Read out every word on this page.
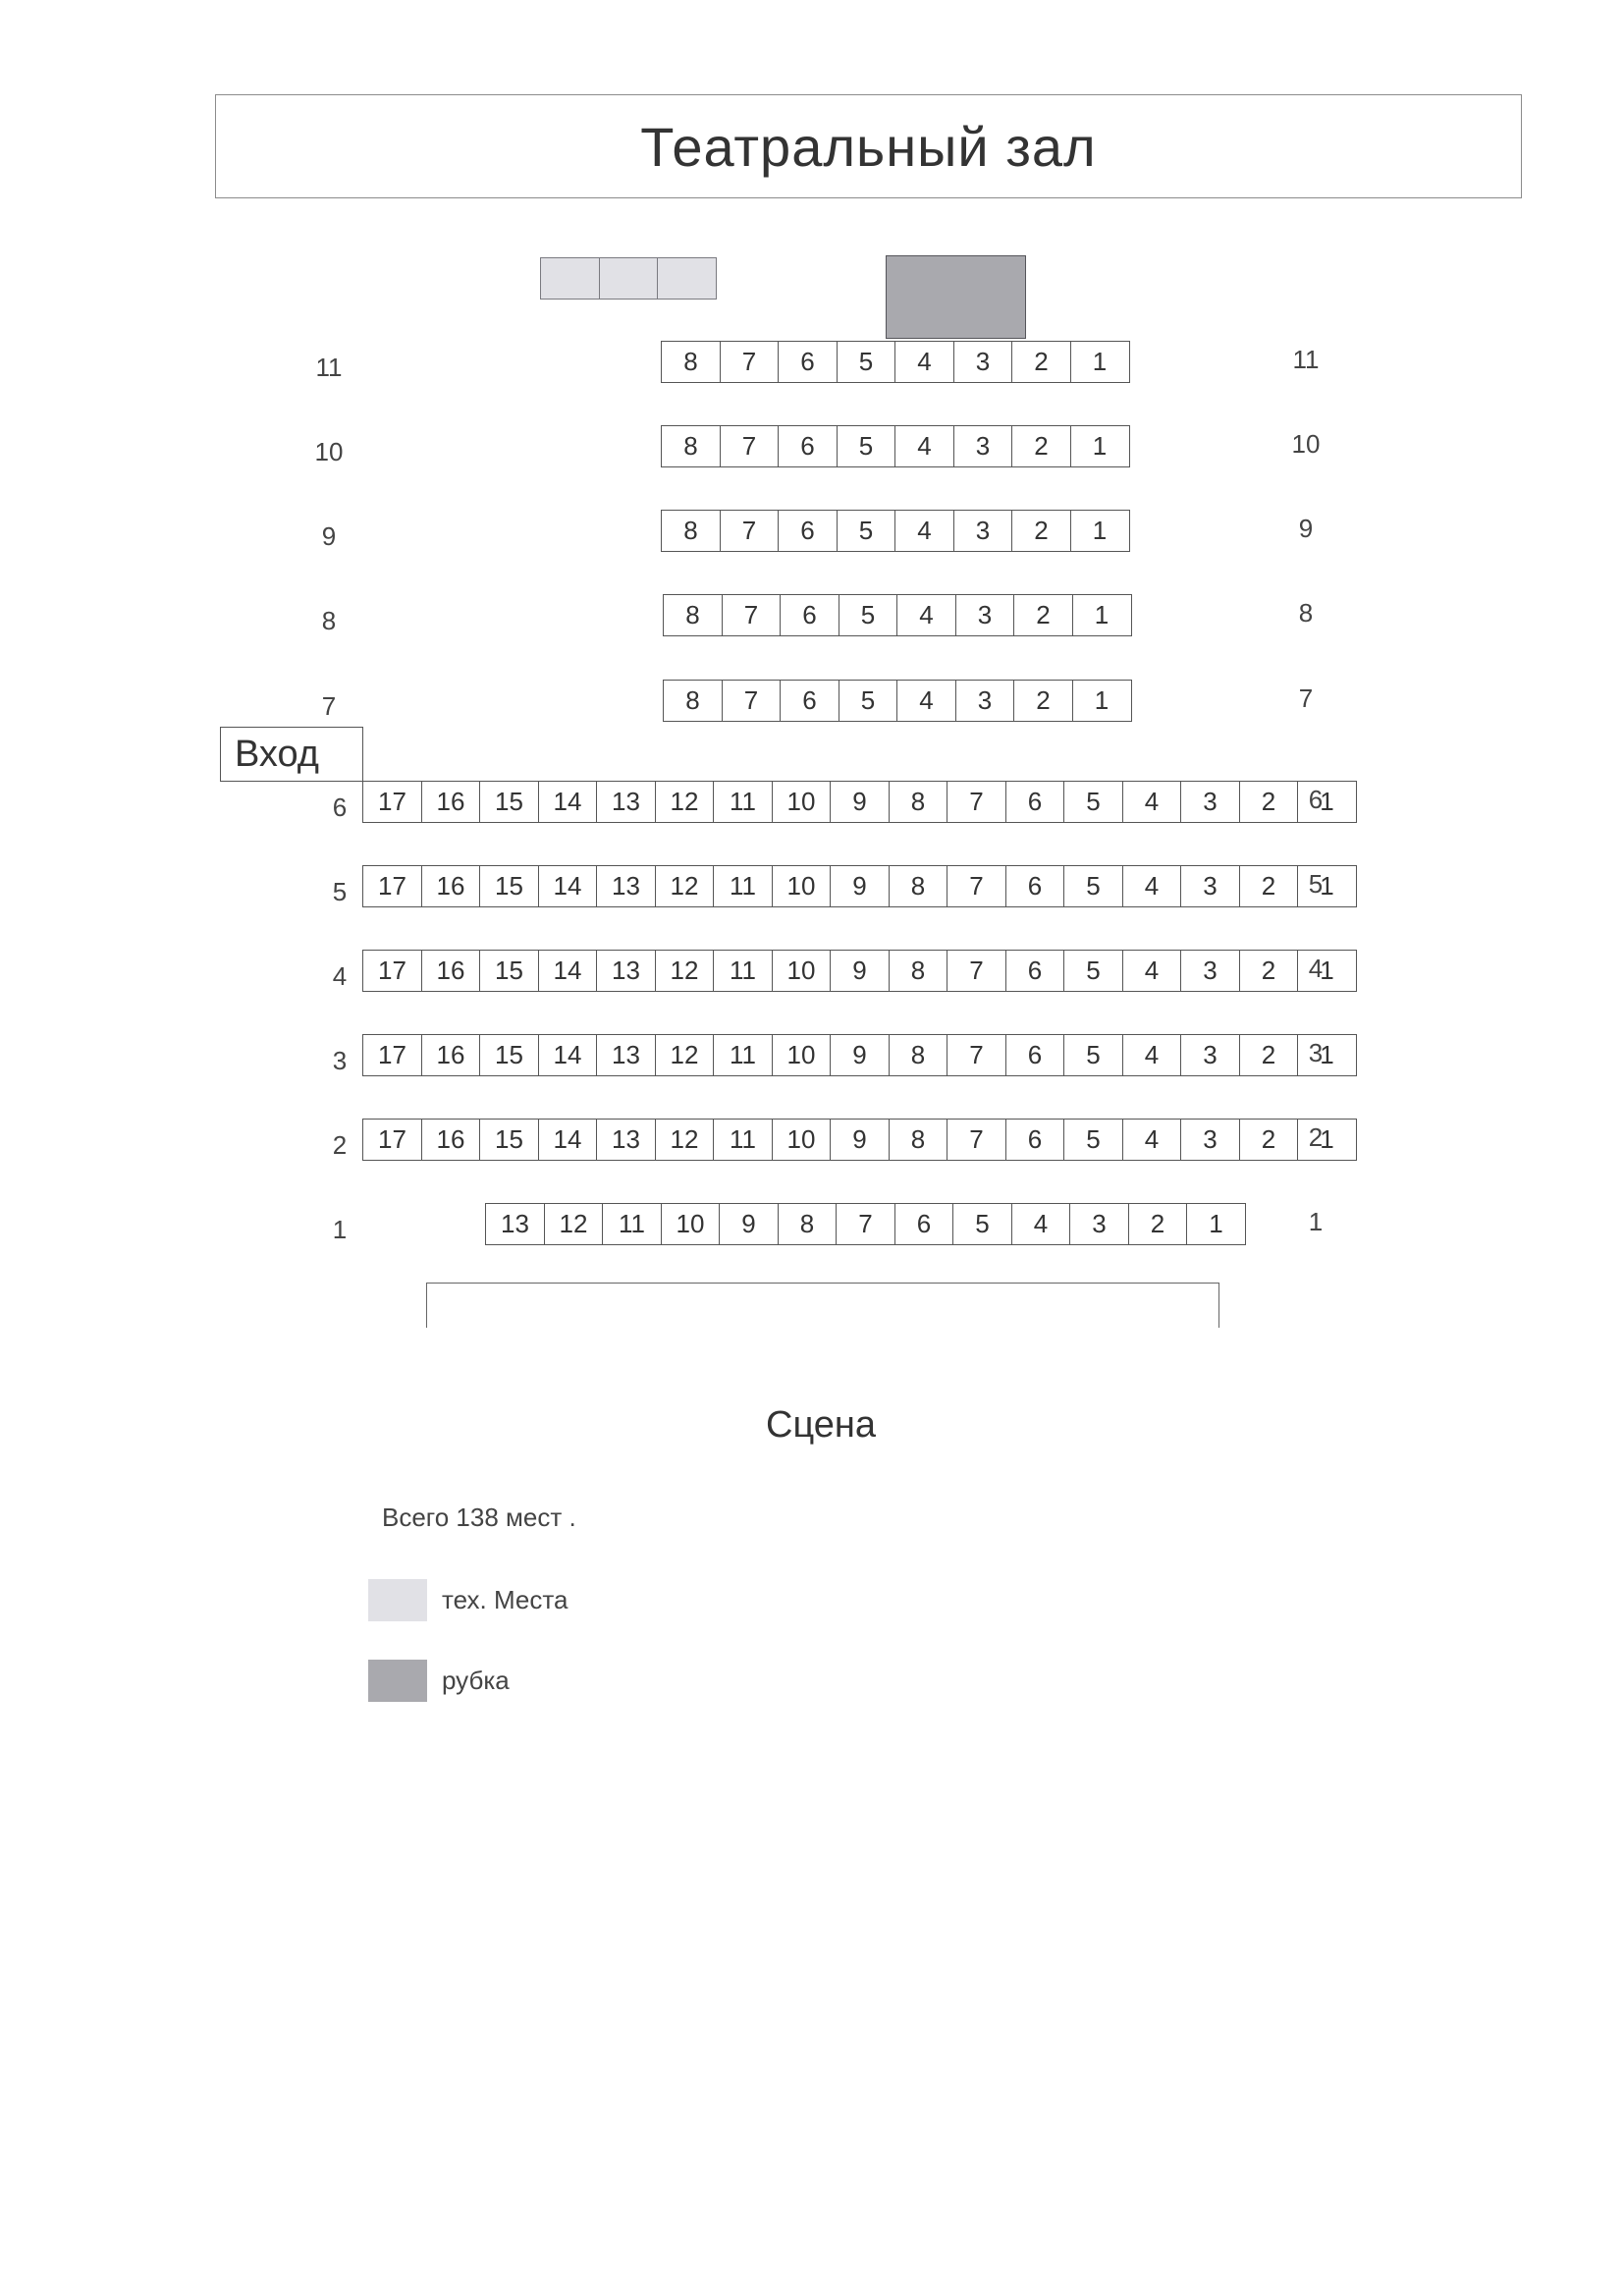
Театральный зал
8	7	6	5	4	3	2	1
11	11
8	7	6	5	4	3	2	1
10	10
8	7	6	5	4	3	2	1
9	9
8	7	6	5	4	3	2	1
8	8
8	7	6	5	4	3	2	1
7	7
17	16	15	14	13	12	11	10	9	8	7	6	5	4	3	2	1
6	6
17	16	15	14	13	12	11	10	9	8	7	6	5	4	3	2	1
5	5
17	16	15	14	13	12	11	10	9	8	7	6	5	4	3	2	1
4	4
17	16	15	14	13	12	11	10	9	8	7	6	5	4	3	2	1
3	3
17	16	15	14	13	12	11	10	9	8	7	6	5	4	3	2	1
2	2
13	12	11	10	9	8	7	6	5	4	3	2	1
1	1
Вход
Сцена
Всего 138 мест .
тех. Места
рубка
